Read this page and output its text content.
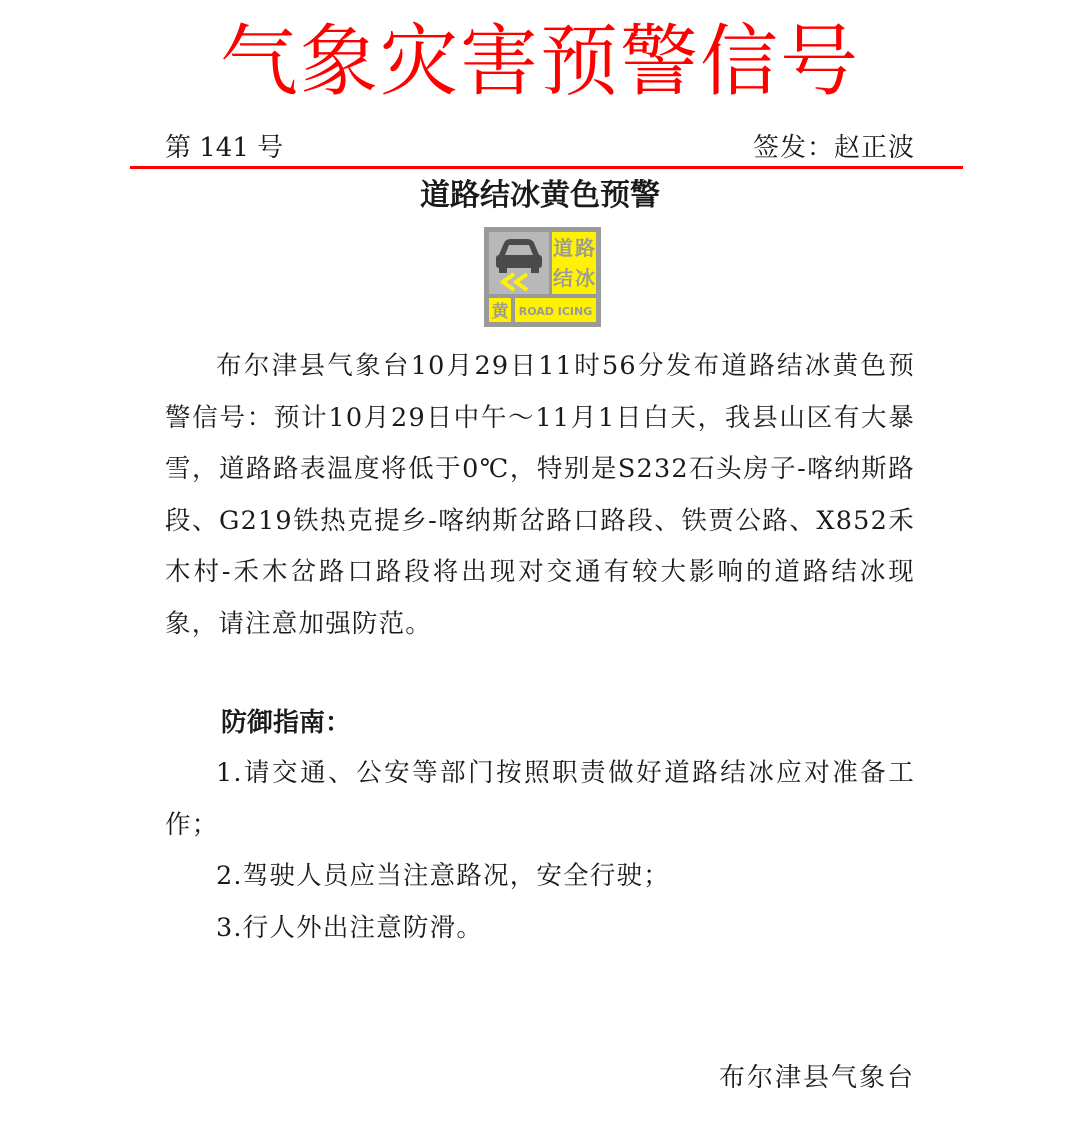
气象灾害预警信号
第 141 号	签发：赵正波
道路结冰黄色预警
道 路
结 冰
黄 ROAD ICING

布尔津县气象台10月29日11时56分发布道路结冰黄色预警信号：预计10月29日中午～11月1日白天，我县山区有大暴雪，道路路表温度将低于0℃，特别是S232石头房子-喀纳斯路段、G219铁热克提乡-喀纳斯岔路口路段、铁贾公路、X852禾木村-禾木岔路口路段将出现对交通有较大影响的道路结冰现象，请注意加强防范。

防御指南：
1.请交通、公安等部门按照职责做好道路结冰应对准备工作；
2.驾驶人员应当注意路况，安全行驶；
3.行人外出注意防滑。
布尔津县气象台
